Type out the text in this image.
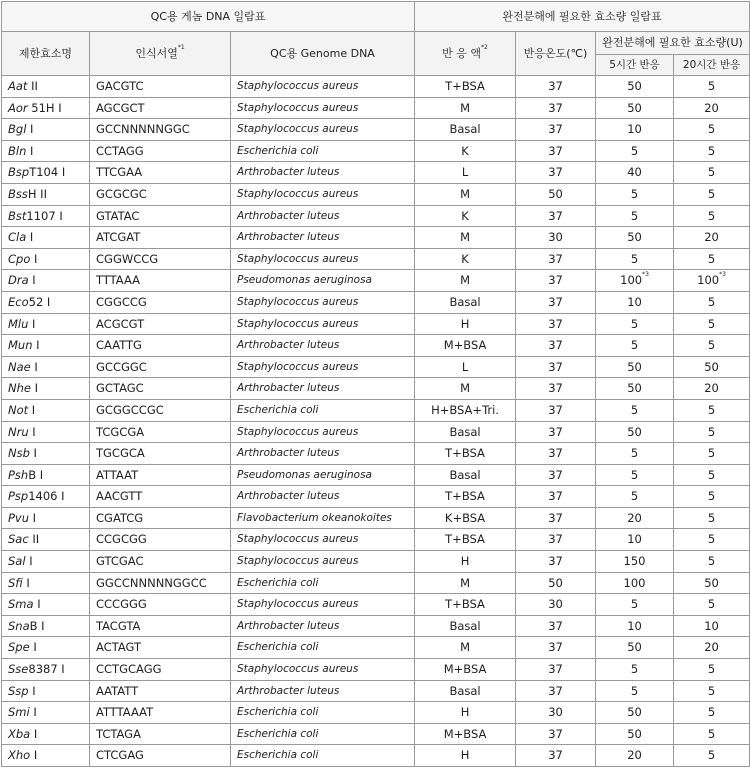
QC용 게놈 DNA 일람표			완전분해에 필요한 효소량 일람표			
제한효소명	인식서열$^{*1}$	QC용 Genome DNA	반 응 액$^{*2}$	반응온도(℃)	완전분해에 필요한 효소량(U)	
					5시간 반응	20시간 반응
Aat II	GACGTC	Staphylococcus aureus	T+BSA	37	50	5
Aor 51H I	AGCGCT	Staphylococcus aureus	M	37	50	20
Bgl I	GCCNNNNNGGC	Staphylococcus aureus	Basal	37	10	5
Bln I	CCTAGG	Escherichia coli	K	37	5	5
BspT104 I	TTCGAA	Arthrobacter luteus	L	37	40	5
BssH II	GCGCGC	Staphylococcus aureus	M	50	5	5
Bst1107 I	GTATAC	Arthrobacter luteus	K	37	5	5
Cla I	ATCGAT	Arthrobacter luteus	M	30	50	20
Cpo I	CGGWCCG	Staphylococcus aureus	K	37	5	5
Dra I	TTTAAA	Pseudomonas aeruginosa	M	37	100$^{*3}$	100$^{*3}$
Eco52 I	CGGCCG	Staphylococcus aureus	Basal	37	10	5
Mlu I	ACGCGT	Staphylococcus aureus	H	37	5	5
Mun I	CAATTG	Arthrobacter luteus	M+BSA	37	5	5
Nae I	GCCGGC	Staphylococcus aureus	L	37	50	50
Nhe I	GCTAGC	Arthrobacter luteus	M	37	50	20
Not I	GCGGCCGC	Escherichia coli	H+BSA+Tri.	37	5	5
Nru I	TCGCGA	Staphylococcus aureus	Basal	37	50	5
Nsb I	TGCGCA	Arthrobacter luteus	T+BSA	37	5	5
PshB I	ATTAAT	Pseudomonas aeruginosa	Basal	37	5	5
Psp1406 I	AACGTT	Arthrobacter luteus	T+BSA	37	5	5
Pvu I	CGATCG	Flavobacterium okeanokoites	K+BSA	37	20	5
Sac II	CCGCGG	Staphylococcus aureus	T+BSA	37	10	5
Sal I	GTCGAC	Staphylococcus aureus	H	37	150	5
Sfi I	GGCCNNNNNGGCC	Escherichia coli	M	50	100	50
Sma I	CCCGGG	Staphylococcus aureus	T+BSA	30	5	5
SnaB I	TACGTA	Arthrobacter luteus	Basal	37	10	10
Spe I	ACTAGT	Escherichia coli	M	37	50	20
Sse8387 I	CCTGCAGG	Staphylococcus aureus	M+BSA	37	5	5
Ssp I	AATATT	Arthrobacter luteus	Basal	37	5	5
Smi I	ATTTAAAT	Escherichia coli	H	30	50	5
Xba I	TCTAGA	Escherichia coli	M+BSA	37	50	5
Xho I	CTCGAG	Escherichia coli	H	37	20	5
